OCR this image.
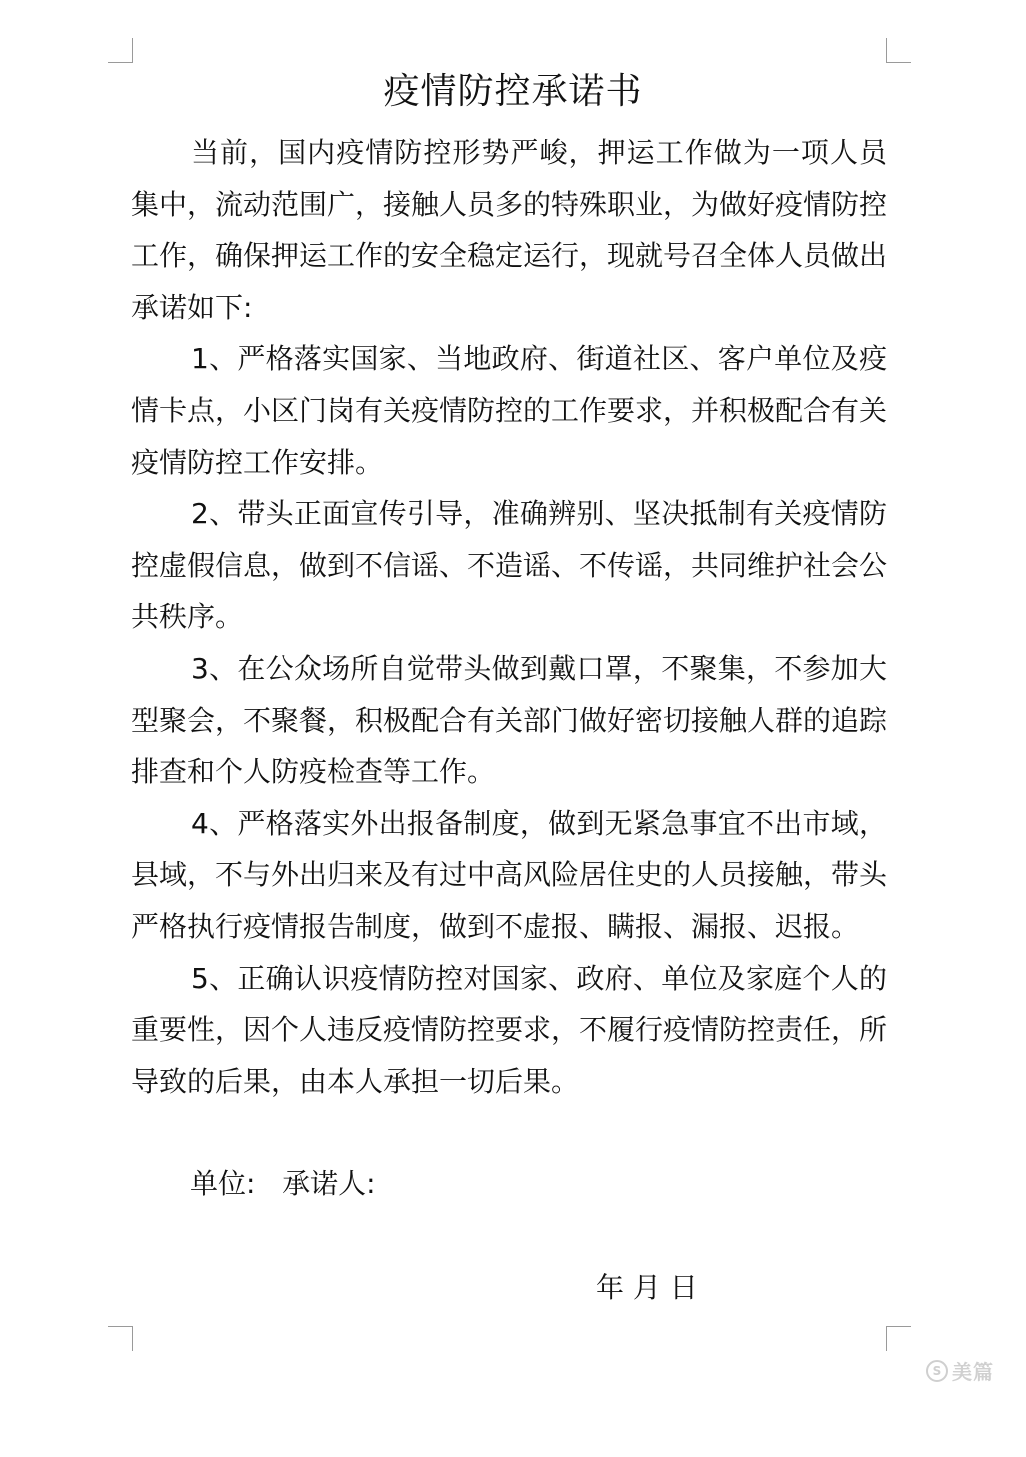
疫情防控承诺书

当前，国内疫情防控形势严峻，押运工作做为一项人员集中，流动范围广，接触人员多的特殊职业，为做好疫情防控工作，确保押运工作的安全稳定运行，现就号召全体人员做出承诺如下:

1、严格落实国家、当地政府、街道社区、客户单位及疫情卡点，小区门岗有关疫情防控的工作要求，并积极配合有关疫情防控工作安排。

2、带头正面宣传引导，准确辨别、坚决抵制有关疫情防控虚假信息，做到不信谣、不造谣、不传谣，共同维护社会公共秩序。

3、在公众场所自觉带头做到戴口罩，不聚集，不参加大型聚会，不聚餐，积极配合有关部门做好密切接触人群的追踪排查和个人防疫检查等工作。

4、严格落实外出报备制度，做到无紧急事宜不出市域，县域，不与外出归来及有过中高风险居住史的人员接触，带头严格执行疫情报告制度，做到不虚报、瞒报、漏报、迟报。

5、正确认识疫情防控对国家、政府、单位及家庭个人的重要性，因个人违反疫情防控要求，不履行疫情防控责任，所导致的后果，由本人承担一切后果。

单位:   承诺人:
年 月 日
S 美篇
